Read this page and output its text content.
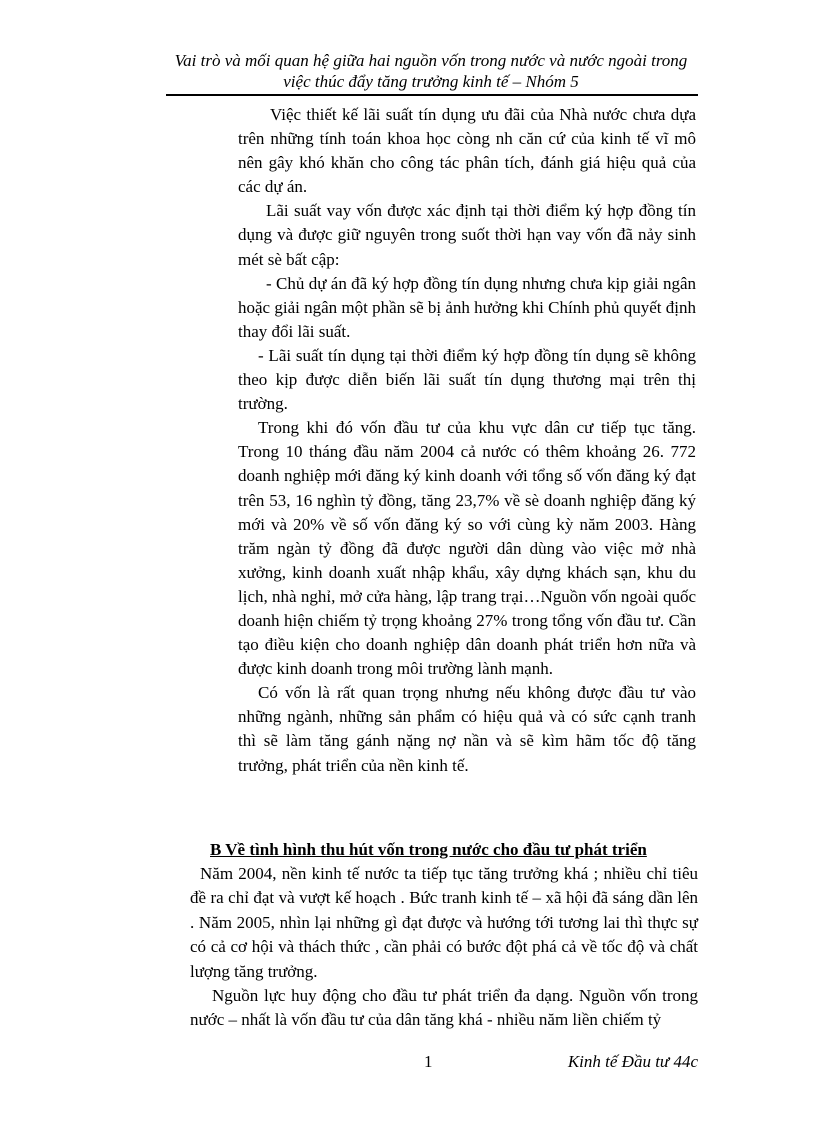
Vai trò và mối quan hệ giữa hai nguồn vốn trong nước và nước ngoài trong
việc thúc đẩy tăng trưởng kinh tế – Nhóm 5

Việc thiết kế lãi suất tín dụng ưu đãi của Nhà nước chưa dựa trên những tính toán khoa học còng nh căn cứ của kinh tế vĩ mô nên gây khó khăn cho công tác phân tích, đánh giá hiệu quả của các dự án.

Lãi suất vay vốn được xác định tại thời điểm ký hợp đồng tín dụng và được giữ nguyên trong suốt thời hạn vay vốn đã nảy sinh mét sè bất cập:

- Chủ dự án đã ký hợp đồng tín dụng nhưng chưa kịp giải ngân hoặc giải ngân một phần sẽ bị ảnh hưởng khi Chính phủ quyết định thay đổi lãi suất.

- Lãi suất tín dụng tại thời điểm ký hợp đồng tín dụng sẽ không theo kịp được diễn biến lãi suất tín dụng thương mại trên thị trường.

Trong khi đó vốn đầu tư của khu vực dân cư tiếp tục tăng. Trong 10 tháng đầu năm 2004 cả nước có thêm khoảng 26. 772 doanh nghiệp mới đăng ký kinh doanh với tổng số vốn đăng ký đạt trên 53, 16 nghìn tỷ đồng, tăng 23,7% về sè doanh nghiệp đăng ký mới và 20% về số vốn đăng ký so với cùng kỳ năm 2003. Hàng trăm ngàn tỷ đồng đã được người dân dùng vào việc mở nhà xưởng, kinh doanh xuất nhập khẩu, xây dựng khách sạn, khu du lịch, nhà nghỉ, mở cửa hàng, lập trang trại…Nguồn vốn ngoài quốc doanh hiện chiếm tỷ trọng khoảng 27% trong tổng vốn đầu tư. Cần tạo điều kiện cho doanh nghiệp dân doanh phát triển hơn nữa và được kinh doanh trong môi trường lành mạnh.

Có vốn là rất quan trọng nhưng nếu không được đầu tư vào những ngành, những sản phẩm có hiệu quả và có sức cạnh tranh thì sẽ làm tăng gánh nặng nợ nần và sẽ kìm hãm tốc độ tăng trưởng, phát triển của nền kinh tế.

B Về tình hình thu hút vốn trong nước cho đầu tư phát triển

Năm 2004, nền kinh tế nước ta tiếp tục tăng trưởng khá ; nhiều chỉ tiêu đề ra chỉ đạt và vượt kế hoạch . Bức tranh kinh tế – xã hội đã sáng dần lên . Năm 2005, nhìn lại những gì đạt được và hướng tới tương lai thì thực sự có cả cơ hội và thách thức , cần phải có bước đột phá cả về tốc độ và chất lượng tăng trưởng.

Nguồn lực huy động cho đầu tư phát triển đa dạng. Nguồn vốn trong nước – nhất là vốn đầu tư của dân tăng khá - nhiều năm liền chiếm tỷ

1	Kinh tế Đầu tư 44c
